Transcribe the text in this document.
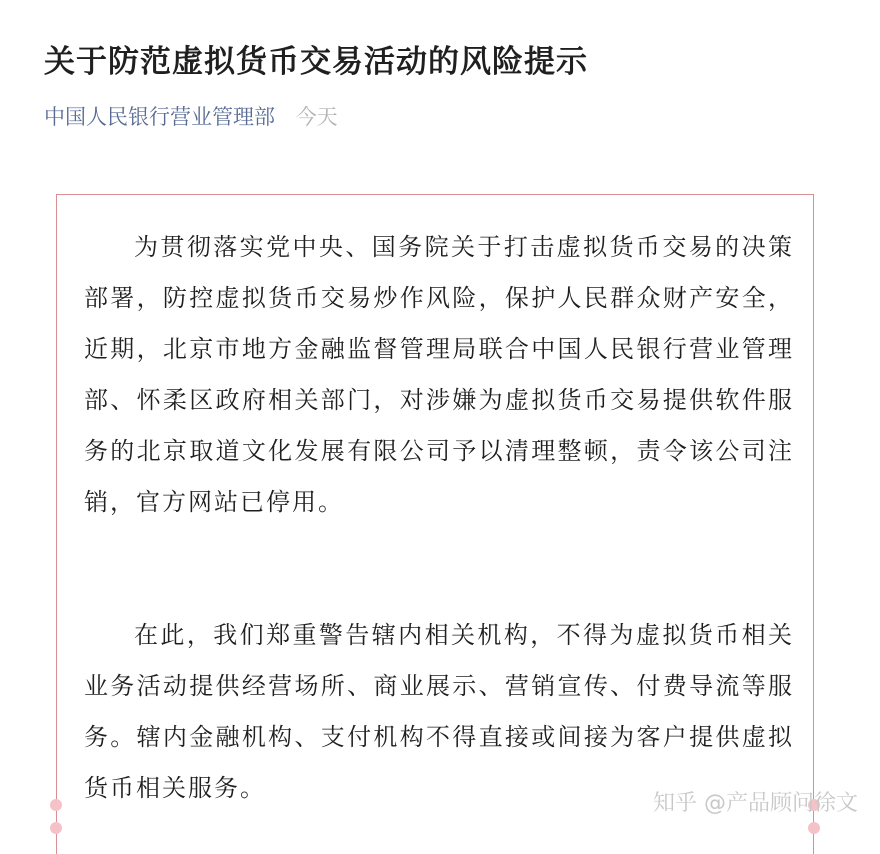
关于防范虚拟货币交易活动的风险提示
中国人民银行营业管理部 今天

为贯彻落实党中央、国务院关于打击虚拟货币交易的决策部署，防控虚拟货币交易炒作风险，保护人民群众财产安全，近期，北京市地方金融监督管理局联合中国人民银行营业管理部、怀柔区政府相关部门，对涉嫌为虚拟货币交易提供软件服务的北京取道文化发展有限公司予以清理整顿，责令该公司注销，官方网站已停用。

在此，我们郑重警告辖内相关机构，不得为虚拟货币相关业务活动提供经营场所、商业展示、营销宣传、付费导流等服务。辖内金融机构、支付机构不得直接或间接为客户提供虚拟货币相关服务。

知乎 @产品顾问徐文
